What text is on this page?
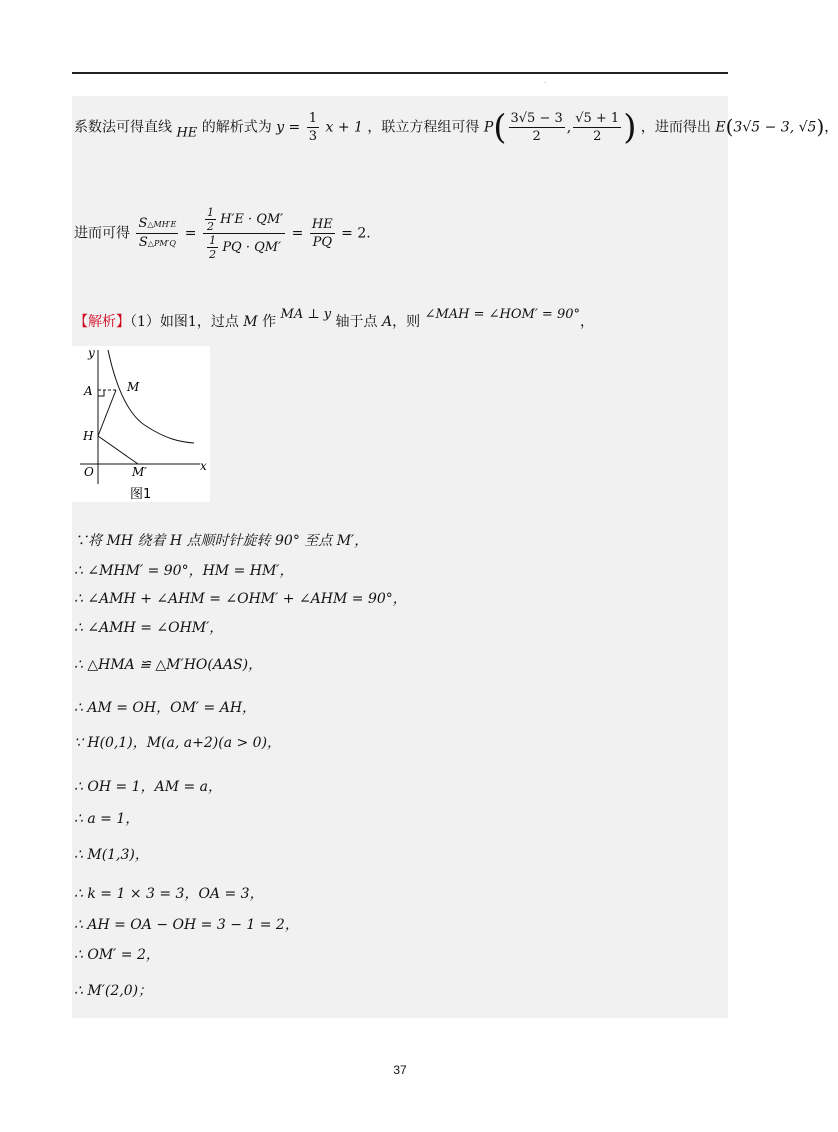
·
系数法可得直线 HE 的解析式为 $y = \frac{1}{3}$ x + 1 ，联立方程组可得 $P( \frac{3√5 - 3}{2}$ , $\frac{√5 + 1}{2}$ ) ，进而得出 E(3√5 − 3, √5)，
进而可得 $\frac{S\triangle MH'E}{S\triangle PM'Q} = \frac{\frac{1}{2} H'E \cdot QM'}{\frac{1}{2} PQ \cdot QM'} = \frac{HE}{PQ} = 2$.
【解析】（1）如图1，过点 M 作 MA ⊥ y 轴于点 A，则 ∠MAH = ∠HOM′ = 90°，
y
x
A	M
H
O	M′
图1
∵将 MH 绕着 H 点顺时针旋转 90° 至点 M′，
∴ ∠MHM′ = 90°，HM = HM′，
∴ ∠AMH + ∠AHM = ∠OHM′ + ∠AHM = 90°，
∴ ∠AMH = ∠OHM′，
∴ △HMA ≌ △M′HO(AAS)，
∴ AM = OH，OM′ = AH，
∵ H(0,1)，M(a, a+2)(a > 0)，
∴ OH = 1，AM = a，
∴ a = 1，
∴ M(1,3)，
∴ k = 1 × 3 = 3，OA = 3，
∴ AH = OA − OH = 3 − 1 = 2，
∴ OM′ = 2，
∴ M′(2,0)；
37
